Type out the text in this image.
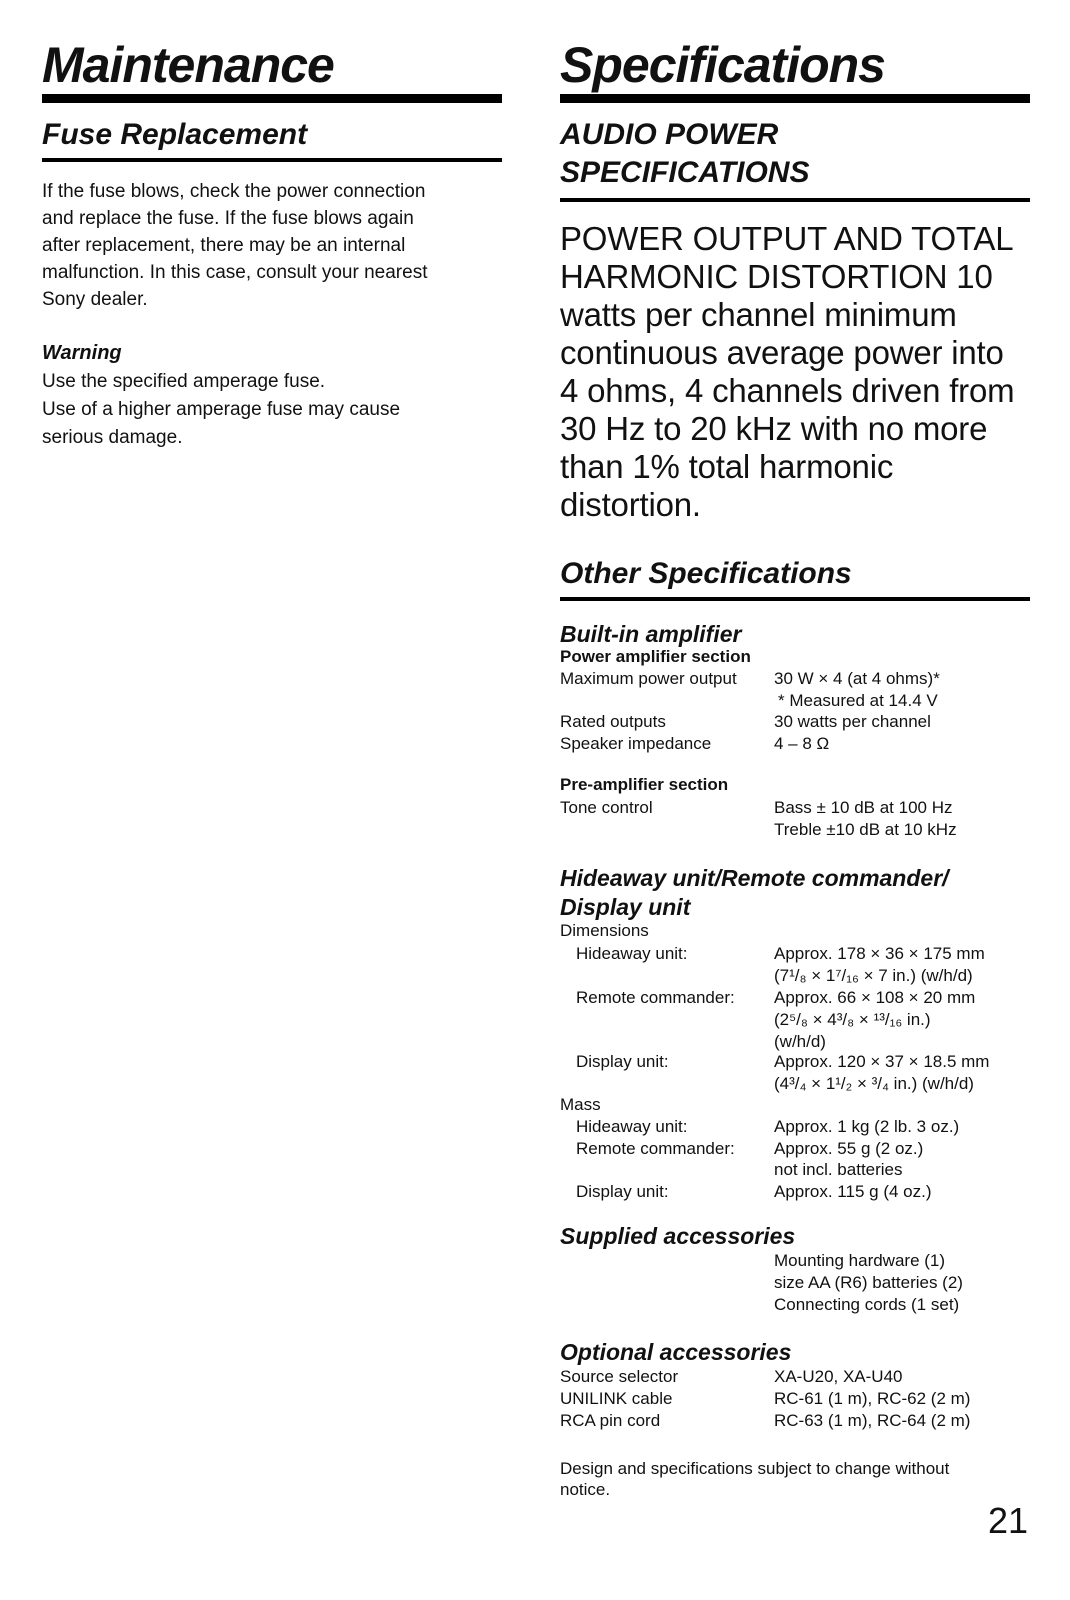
Maintenance
Fuse Replacement

If the fuse blows, check the power connection

and replace the fuse. If the fuse blows again

after replacement, there may be an internal

malfunction. In this case, consult your nearest

Sony dealer.

Warning

Use the specified amperage fuse.

Use of a higher amperage fuse may cause

serious damage.

Specifications
AUDIO POWER
SPECIFICATIONS

POWER OUTPUT AND TOTAL

HARMONIC DISTORTION 10

watts per channel minimum

continuous average power into

4 ohms, 4 channels driven from

30 Hz to 20 kHz with no more

than 1% total harmonic

distortion.

Other Specifications
Built-in amplifier

Power amplifier section

Maximum power output 30 W × 4 (at 4 ohms)*
* Measured at 14.4 V
Rated outputs	30 watts per channel
Speaker impedance	4 – 8 Ω

Pre-amplifier section

Tone control	Bass ± 10 dB at 100 Hz
Treble ±10 dB at 10 kHz
Hideaway unit/Remote commander/
Display unit
Dimensions
Hideaway unit:	Approx. 178 × 36 × 175 mm
(7¹/₈ × 1⁷/₁₆ × 7 in.) (w/h/d)
Remote commander: Approx. 66 × 108 × 20 mm
(2⁵/₈ × 4³/₈ × ¹³/₁₆ in.)
(w/h/d)
Display unit:	Approx. 120 × 37 × 18.5 mm
(4³/₄ × 1¹/₂ × ³/₄ in.) (w/h/d)
Mass
Hideaway unit:	Approx. 1 kg (2 lb. 3 oz.)
Remote commander: Approx. 55 g (2 oz.)
not incl. batteries
Display unit:	Approx. 115 g (4 oz.)
Supplied accessories
Mounting hardware (1)
size AA (R6) batteries (2)
Connecting cords (1 set)
Optional accessories
Source selector	XA-U20, XA-U40
UNILINK cable	RC-61 (1 m), RC-62 (2 m)
RCA pin cord	RC-63 (1 m), RC-64 (2 m)
Design and specifications subject to change without
notice.
21
